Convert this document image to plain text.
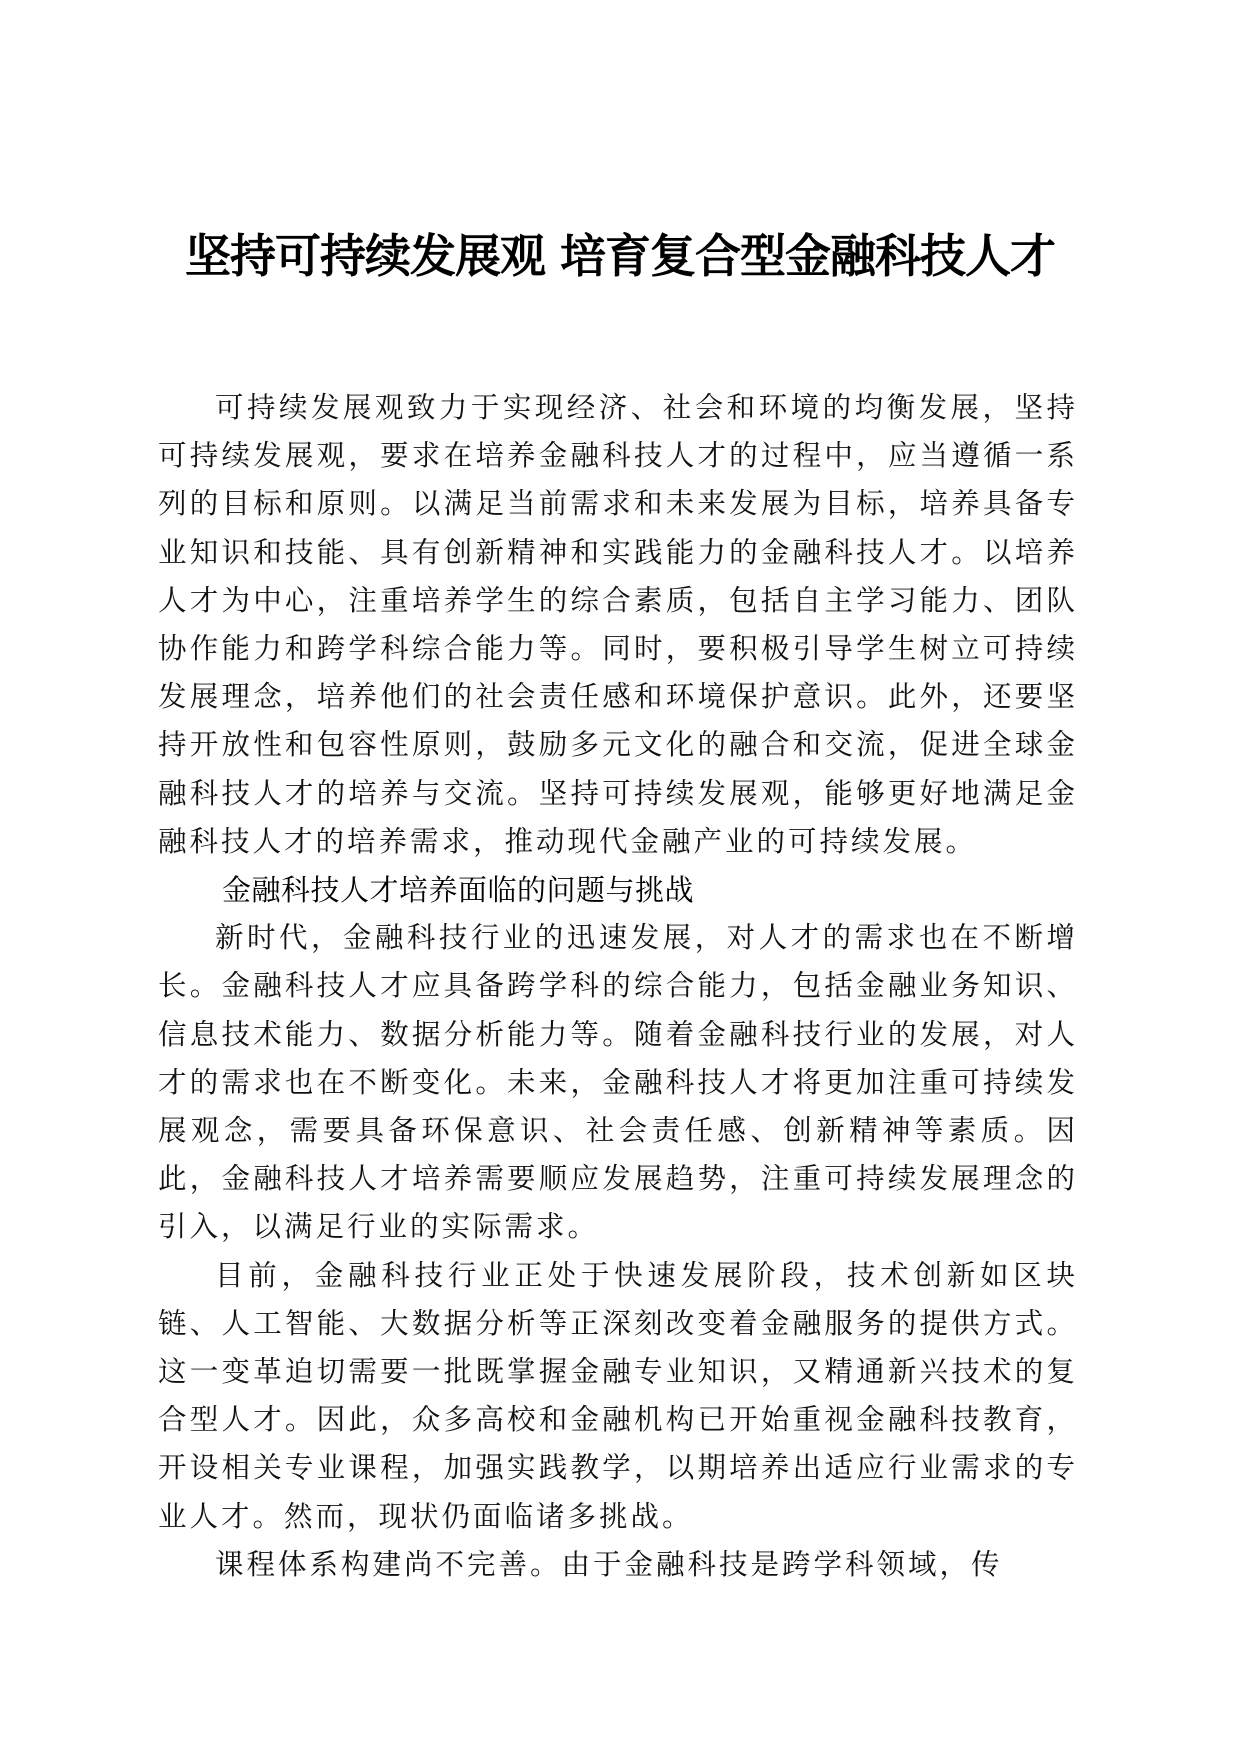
坚持可持续发展观 培育复合型金融科技人才

可持续发展观致力于实现经济、社会和环境的均衡发展，坚持可持续发展观，要求在培养金融科技人才的过程中，应当遵循一系列的目标和原则。以满足当前需求和未来发展为目标，培养具备专业知识和技能、具有创新精神和实践能力的金融科技人才。以培养人才为中心，注重培养学生的综合素质，包括自主学习能力、团队协作能力和跨学科综合能力等。同时，要积极引导学生树立可持续发展理念，培养他们的社会责任感和环境保护意识。此外，还要坚持开放性和包容性原则，鼓励多元文化的融合和交流，促进全球金融科技人才的培养与交流。坚持可持续发展观，能够更好地满足金融科技人才的培养需求，推动现代金融产业的可持续发展。

金融科技人才培养面临的问题与挑战

新时代，金融科技行业的迅速发展，对人才的需求也在不断增长。金融科技人才应具备跨学科的综合能力，包括金融业务知识、信息技术能力、数据分析能力等。随着金融科技行业的发展，对人才的需求也在不断变化。未来，金融科技人才将更加注重可持续发展观念，需要具备环保意识、社会责任感、创新精神等素质。因此，金融科技人才培养需要顺应发展趋势，注重可持续发展理念的引入，以满足行业的实际需求。

目前，金融科技行业正处于快速发展阶段，技术创新如区块链、人工智能、大数据分析等正深刻改变着金融服务的提供方式。这一变革迫切需要一批既掌握金融专业知识，又精通新兴技术的复合型人才。因此，众多高校和金融机构已开始重视金融科技教育，开设相关专业课程，加强实践教学，以期培养出适应行业需求的专业人才。然而，现状仍面临诸多挑战。

课程体系构建尚不完善。由于金融科技是跨学科领域，传
